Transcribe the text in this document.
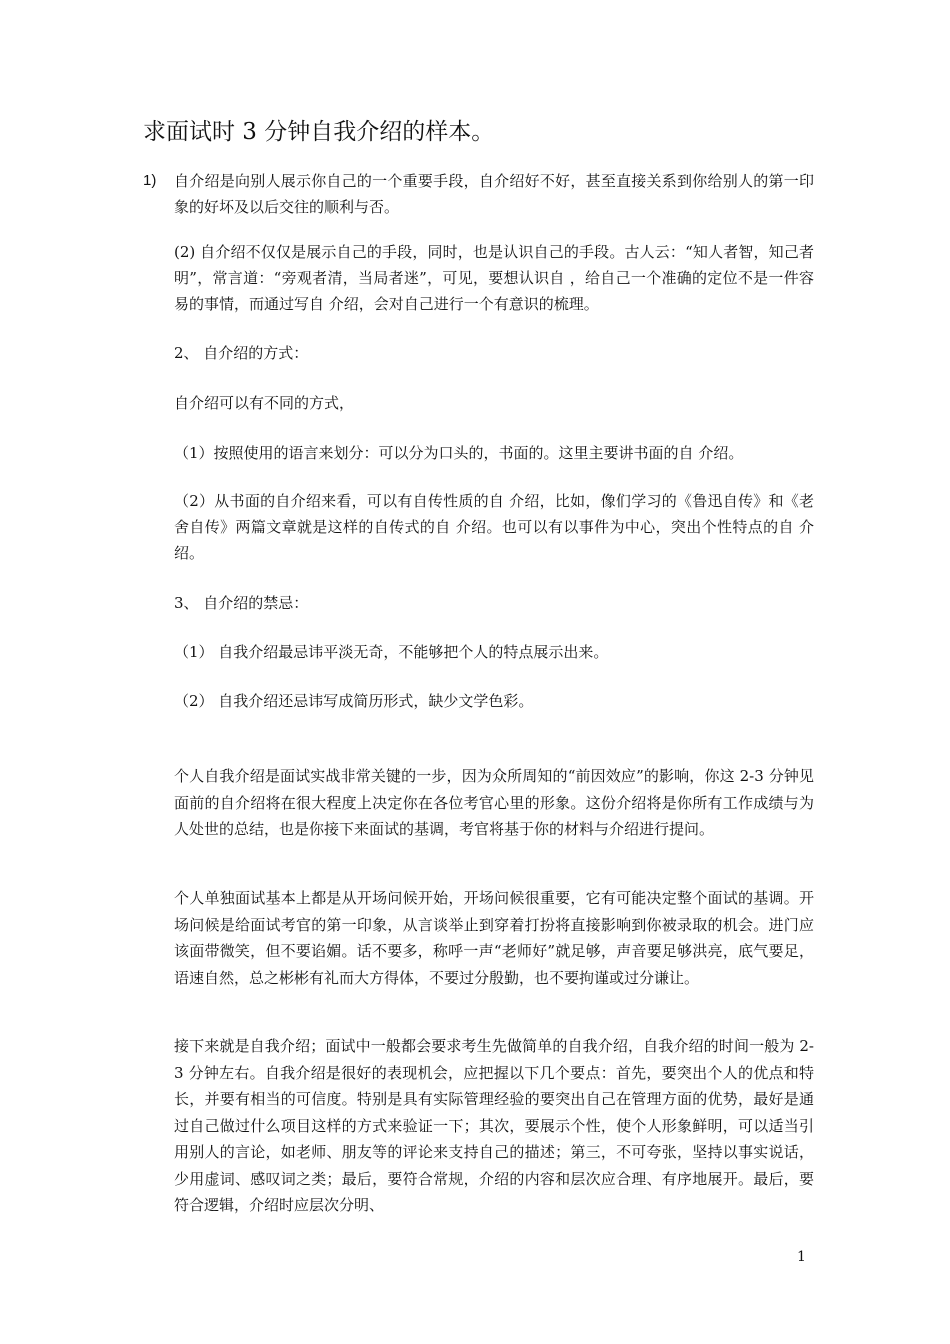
求面试时 3 分钟自我介绍的样本。
1) 自介绍是向别人展示你自己的一个重要手段，自介绍好不好，甚至直接关系到你给别人的第一印象的好坏及以后交往的顺利与否。

(2) 自介绍不仅仅是展示自己的手段，同时，也是认识自己的手段。古人云：“知人者智，知己者明”，常言道：“旁观者清，当局者迷”，可见，要想认识自 ，给自己一个准确的定位不是一件容易的事情，而通过写自 介绍，会对自己进行一个有意识的梳理。

2、 自介绍的方式：

自介绍可以有不同的方式，

（1）按照使用的语言来划分：可以分为口头的，书面的。这里主要讲书面的自 介绍。

（2）从书面的自介绍来看，可以有自传性质的自 介绍，比如，像们学习的《鲁迅自传》和《老舍自传》两篇文章就是这样的自传式的自 介绍。也可以有以事件为中心，突出个性特点的自 介绍。

3、 自介绍的禁忌：

（1） 自我介绍最忌讳平淡无奇，不能够把个人的特点展示出来。

（2） 自我介绍还忌讳写成简历形式，缺少文学色彩。

个人自我介绍是面试实战非常关键的一步，因为众所周知的“前因效应”的影响，你这 2-3 分钟见面前的自介绍将在很大程度上决定你在各位考官心里的形象。这份介绍将是你所有工作成绩与为人处世的总结，也是你接下来面试的基调，考官将基于你的材料与介绍进行提问。

个人单独面试基本上都是从开场问候开始，开场问候很重要，它有可能决定整个面试的基调。开场问候是给面试考官的第一印象，从言谈举止到穿着打扮将直接影响到你被录取的机会。进门应该面带微笑，但不要谄媚。话不要多，称呼一声“老师好”就足够，声音要足够洪亮，底气要足，语速自然，总之彬彬有礼而大方得体，不要过分殷勤，也不要拘谨或过分谦让。

接下来就是自我介绍；面试中一般都会要求考生先做简单的自我介绍，自我介绍的时间一般为 2-3 分钟左右。自我介绍是很好的表现机会，应把握以下几个要点：首先，要突出个人的优点和特长，并要有相当的可信度。特别是具有实际管理经验的要突出自己在管理方面的优势，最好是通过自己做过什么项目这样的方式来验证一下；其次，要展示个性，使个人形象鲜明，可以适当引用别人的言论，如老师、朋友等的评论来支持自己的描述；第三，不可夸张，坚持以事实说话，少用虚词、感叹词之类；最后，要符合常规，介绍的内容和层次应合理、有序地展开。最后，要符合逻辑，介绍时应层次分明、

1
